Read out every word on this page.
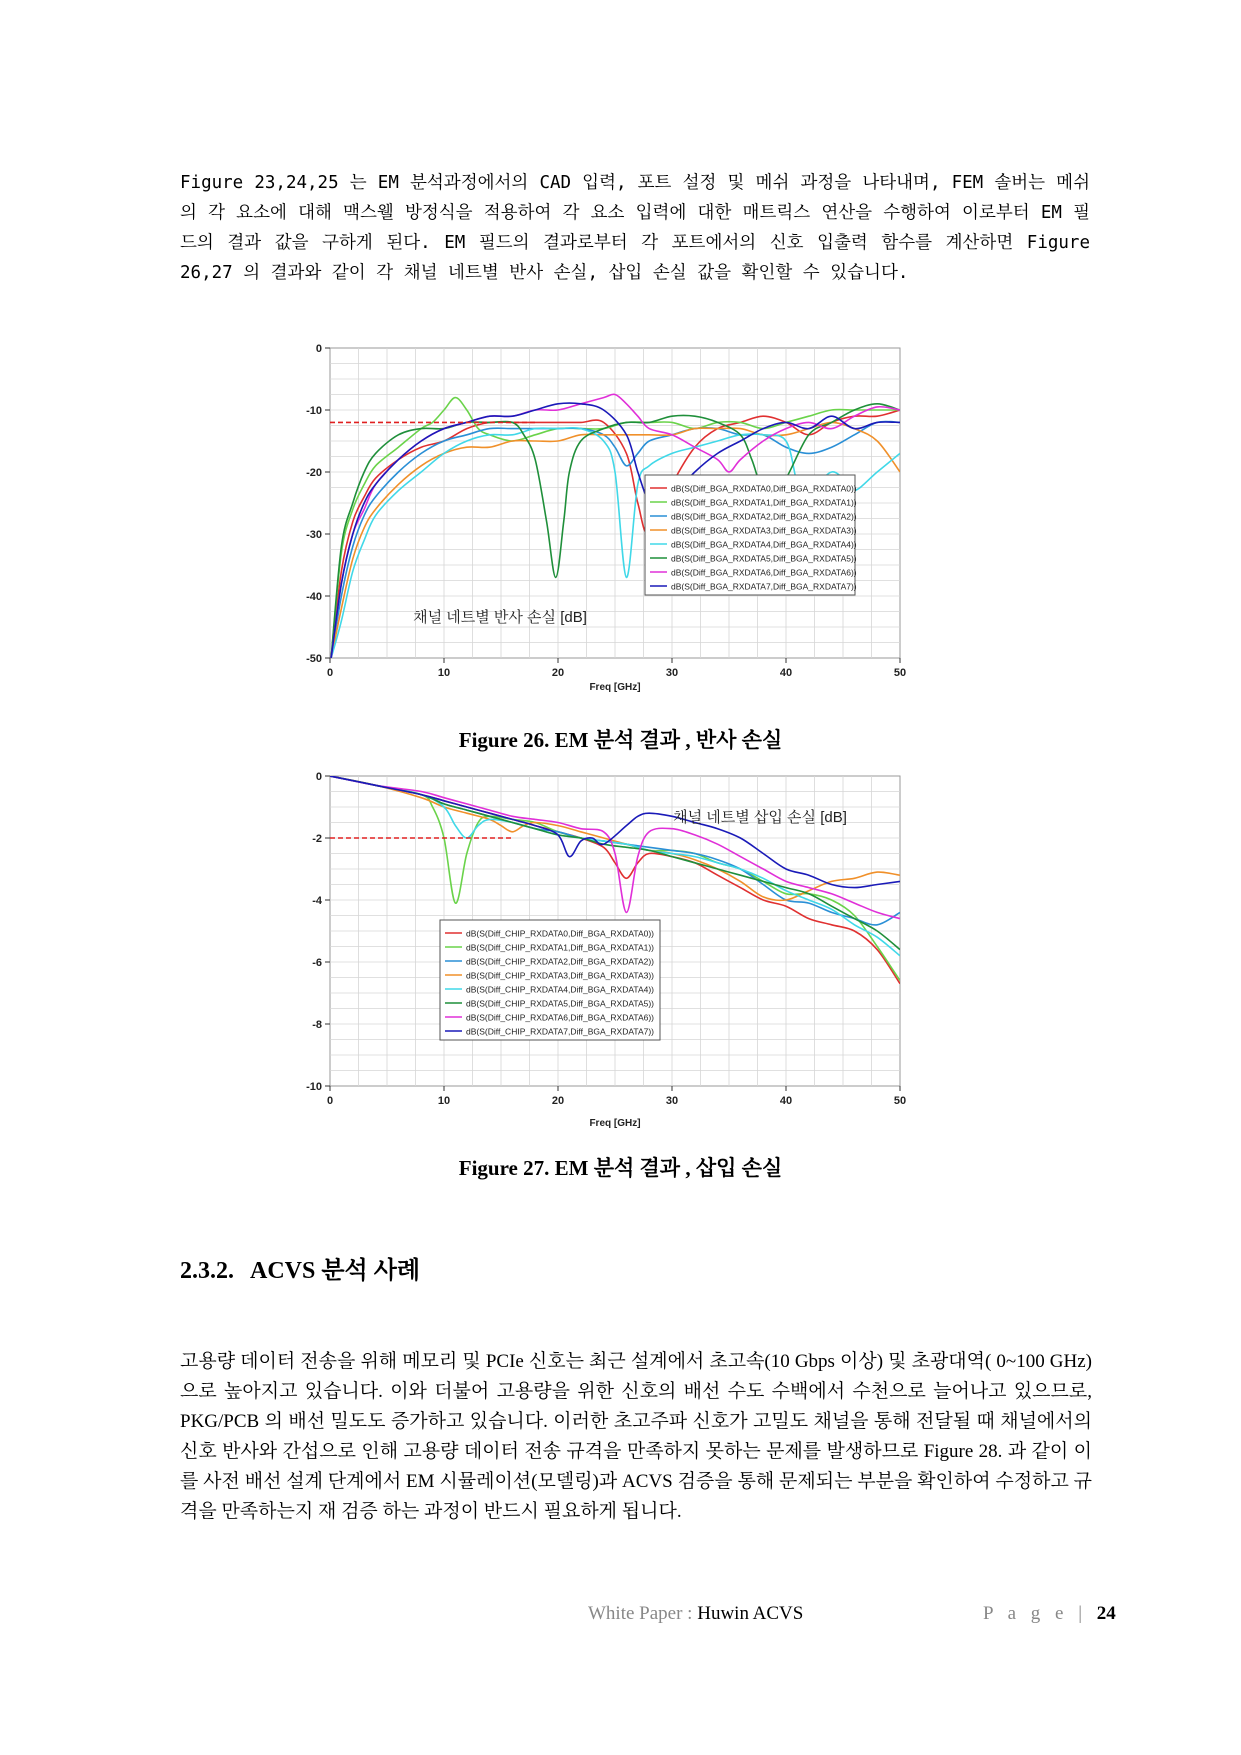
Figure 23,24,25 는 EM 분석과정에서의 CAD 입력, 포트 설정 및 메쉬 과정을 나타내며, FEM 솔버는 메쉬의 각 요소에 대해 맥스웰 방정식을 적용하여 각 요소 입력에 대한 매트릭스 연산을 수행하여 이로부터 EM 필드의 결과 값을 구하게 된다. EM 필드의 결과로부터 각 포트에서의 신호 입출력 함수를 계산하면 Figure 26,27 의 결과와 같이 각 채널 네트별 반사 손실, 삽입 손실 값을 확인할 수 있습니다.
0	10	20	30	40	50
0
-10
-20
-30
-40
-50
Freq [GHz]
채널 네트별 반사 손실 [dB]
dB(S(Diff_BGA_RXDATA0,Diff_BGA_RXDATA0))
dB(S(Diff_BGA_RXDATA1,Diff_BGA_RXDATA1))
dB(S(Diff_BGA_RXDATA2,Diff_BGA_RXDATA2))
dB(S(Diff_BGA_RXDATA3,Diff_BGA_RXDATA3))
dB(S(Diff_BGA_RXDATA4,Diff_BGA_RXDATA4))
dB(S(Diff_BGA_RXDATA5,Diff_BGA_RXDATA5))
dB(S(Diff_BGA_RXDATA6,Diff_BGA_RXDATA6))
dB(S(Diff_BGA_RXDATA7,Diff_BGA_RXDATA7))
Figure 26. EM 분석 결과 , 반사 손실
0	10	20	30	40	50
0
-2
-4
-6
-8
-10
Freq [GHz]
채널 네트별 삽입 손실 [dB]
dB(S(Diff_CHIP_RXDATA0,Diff_BGA_RXDATA0))
dB(S(Diff_CHIP_RXDATA1,Diff_BGA_RXDATA1))
dB(S(Diff_CHIP_RXDATA2,Diff_BGA_RXDATA2))
dB(S(Diff_CHIP_RXDATA3,Diff_BGA_RXDATA3))
dB(S(Diff_CHIP_RXDATA4,Diff_BGA_RXDATA4))
dB(S(Diff_CHIP_RXDATA5,Diff_BGA_RXDATA5))
dB(S(Diff_CHIP_RXDATA6,Diff_BGA_RXDATA6))
dB(S(Diff_CHIP_RXDATA7,Diff_BGA_RXDATA7))
Figure 27. EM 분석 결과 , 삽입 손실
2.3.2. ACVS 분석 사례
고용량 데이터 전송을 위해 메모리 및 PCIe 신호는 최근 설계에서 초고속(10 Gbps 이상) 및 초광대역( 0~100 GHz) 으로 높아지고 있습니다. 이와 더불어 고용량을 위한 신호의 배선 수도 수백에서 수천으로 늘어나고 있으므로, PKG/PCB 의 배선 밀도도 증가하고 있습니다. 이러한 초고주파 신호가 고밀도 채널을 통해 전달될 때 채널에서의 신호 반사와 간섭으로 인해 고용량 데이터 전송 규격을 만족하지 못하는 문제를 발생하므로 Figure 28. 과 같이 이를 사전 배선 설계 단계에서 EM 시뮬레이션(모델링)과 ACVS 검증을 통해 문제되는 부분을 확인하여 수정하고 규격을 만족하는지 재 검증 하는 과정이 반드시 필요하게 됩니다.
White Paper : Huwin ACVS	P a g e | 24
